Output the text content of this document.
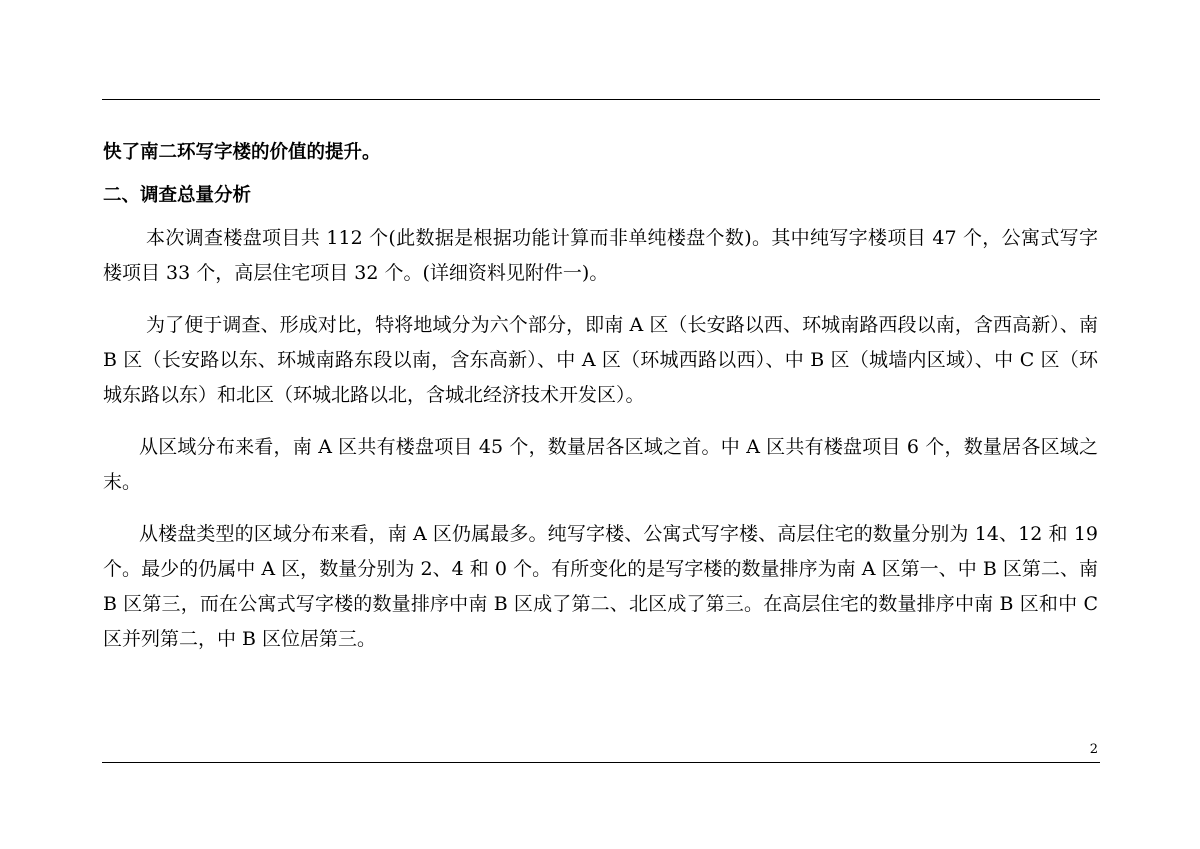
快了南二环写字楼的价值的提升。

二、调查总量分析

本次调查楼盘项目共 112 个(此数据是根据功能计算而非单纯楼盘个数)。其中纯写字楼项目 47 个，公寓式写字楼项目 33 个，高层住宅项目 32 个。(详细资料见附件一)。

为了便于调查、形成对比，特将地域分为六个部分，即南 A 区（长安路以西、环城南路西段以南，含西高新）、南 B 区（长安路以东、环城南路东段以南，含东高新）、中 A 区（环城西路以西）、中 B 区（城墙内区域）、中 C 区（环城东路以东）和北区（环城北路以北，含城北经济技术开发区）。

从区域分布来看，南 A 区共有楼盘项目 45 个，数量居各区域之首。中 A 区共有楼盘项目 6 个，数量居各区域之末。

从楼盘类型的区域分布来看，南 A 区仍属最多。纯写字楼、公寓式写字楼、高层住宅的数量分别为 14、12 和 19 个。最少的仍属中 A 区，数量分别为 2、4 和 0 个。有所变化的是写字楼的数量排序为南 A 区第一、中 B 区第二、南 B 区第三，而在公寓式写字楼的数量排序中南 B 区成了第二、北区成了第三。在高层住宅的数量排序中南 B 区和中 C 区并列第二，中 B 区位居第三。

2
